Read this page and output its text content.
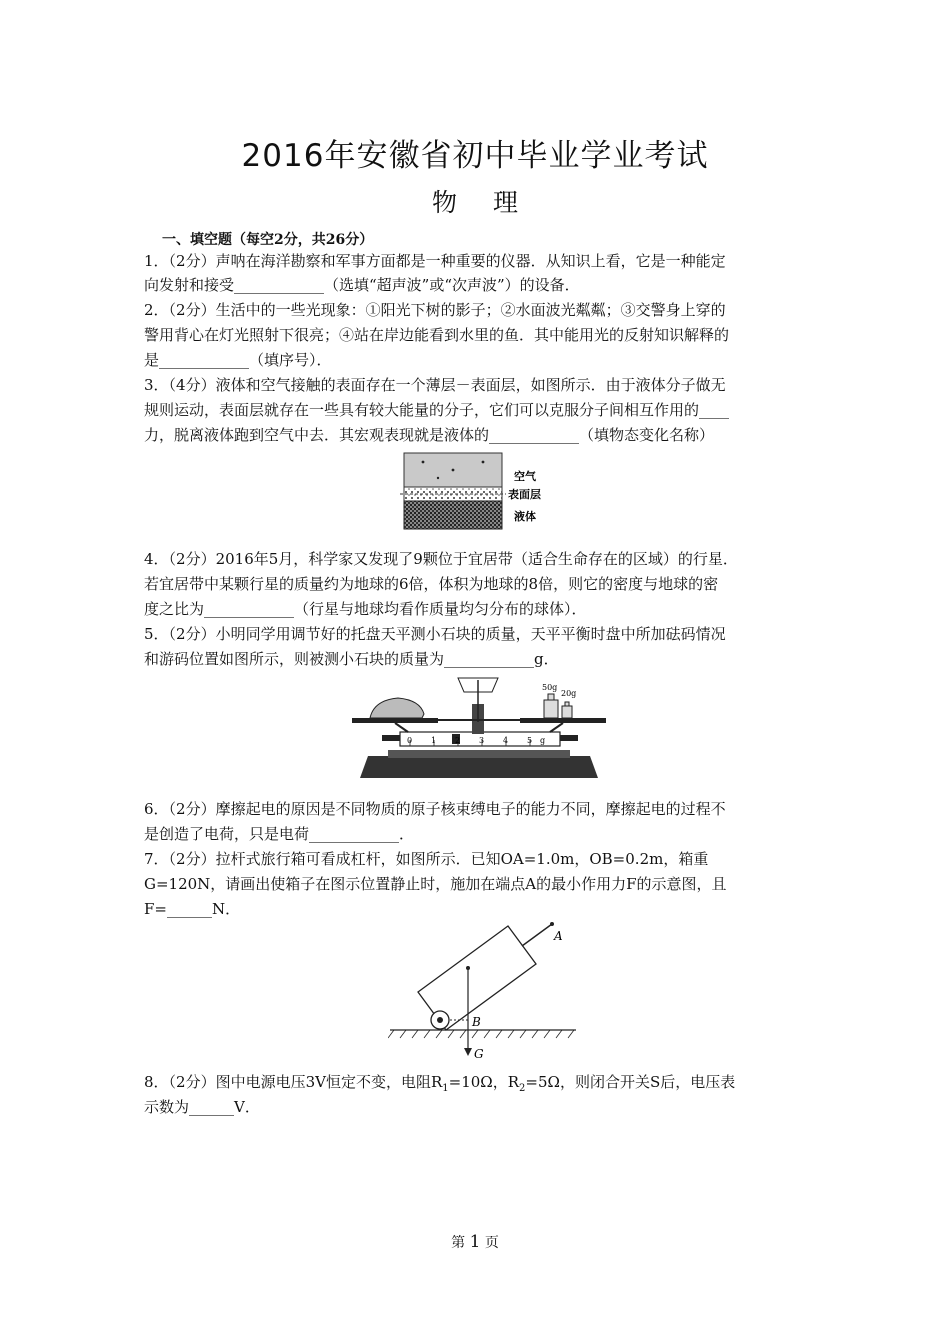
2016年安徽省初中毕业学业考试
物 理
一、填空题（每空2分，共26分）
1．（2分）声呐在海洋勘察和军事方面都是一种重要的仪器．从知识上看，它是一种能定
向发射和接受____________（选填“超声波”或“次声波”）的设备．
2．（2分）生活中的一些光现象：①阳光下树的影子；②水面波光粼粼；③交警身上穿的
警用背心在灯光照射下很亮；④站在岸边能看到水里的鱼．其中能用光的反射知识解释的
是____________（填序号）．
3．（4分）液体和空气接触的表面存在一个薄层－表面层，如图所示．由于液体分子做无
规则运动，表面层就存在一些具有较大能量的分子，它们可以克服分子间相互作用的____
力，脱离液体跑到空气中去．其宏观表现就是液体的____________（填物态变化名称）
空气
表面层
液体
4．（2分）2016年5月，科学家又发现了9颗位于宜居带（适合生命存在的区域）的行星．
若宜居带中某颗行星的质量约为地球的6倍，体积为地球的8倍，则它的密度与地球的密
度之比为____________（行星与地球均看作质量均匀分布的球体）．
5．（2分）小明同学用调节好的托盘天平测小石块的质量，天平平衡时盘中所加砝码情况
和游码位置如图所示，则被测小石块的质量为____________g．
0 1 2 3 4 5 g
50g
20g
6．（2分）摩擦起电的原因是不同物质的原子核束缚电子的能力不同，摩擦起电的过程不
是创造了电荷，只是电荷____________．
7．（2分）拉杆式旅行箱可看成杠杆，如图所示．已知OA=1.0m，OB=0.2m，箱重
G=120N，请画出使箱子在图示位置静止时，施加在端点A的最小作用力F的示意图，且
F=______N．
A
B
G
8．（2分）图中电源电压3V恒定不变，电阻$R_1=10\Omega$，$R_2=5\Omega$，则闭合开关S后，电压表
示数为______V．
第 1 页
